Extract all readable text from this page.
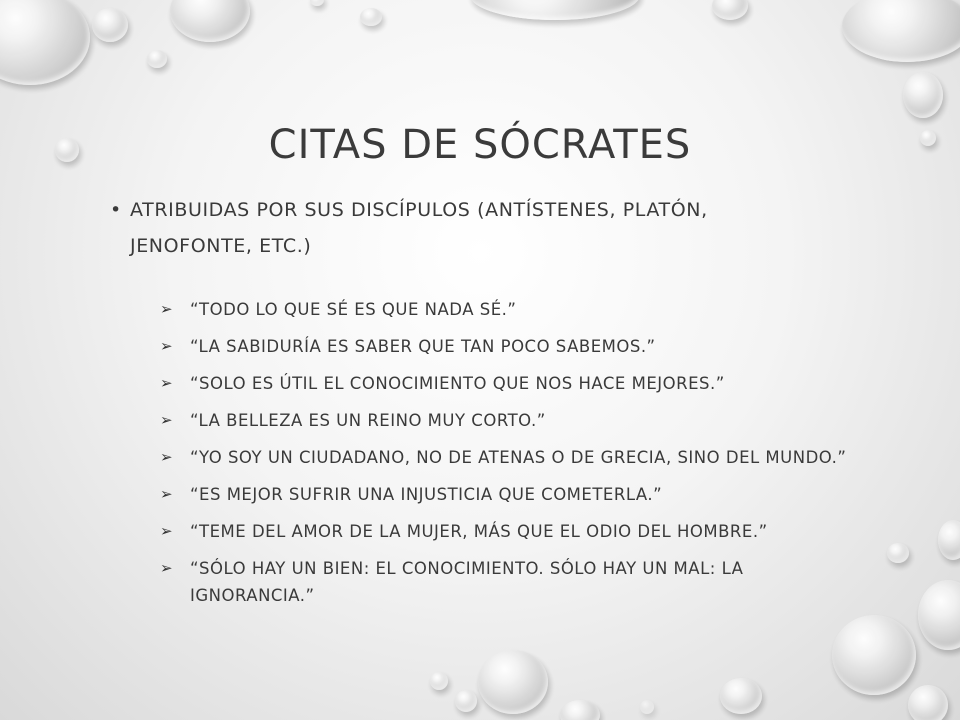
CITAS DE SÓCRATES
• ATRIBUIDAS POR SUS DISCÍPULOS (ANTÍSTENES, PLATÓN, JENOFONTE, ETC.)
➢	“TODO LO QUE SÉ ES QUE NADA SÉ.”
➢	“LA SABIDURÍA ES SABER QUE TAN POCO SABEMOS.”
➢	“SOLO ES ÚTIL EL CONOCIMIENTO QUE NOS HACE MEJORES.”
➢	“LA BELLEZA ES UN REINO MUY CORTO.”
➢	“YO SOY UN CIUDADANO, NO DE ATENAS O DE GRECIA, SINO DEL MUNDO.”
➢	“ES MEJOR SUFRIR UNA INJUSTICIA QUE COMETERLA.”
➢	“TEME DEL AMOR DE LA MUJER, MÁS QUE EL ODIO DEL HOMBRE.”
➢	“SÓLO HAY UN BIEN: EL CONOCIMIENTO. SÓLO HAY UN MAL: LA IGNORANCIA.”
